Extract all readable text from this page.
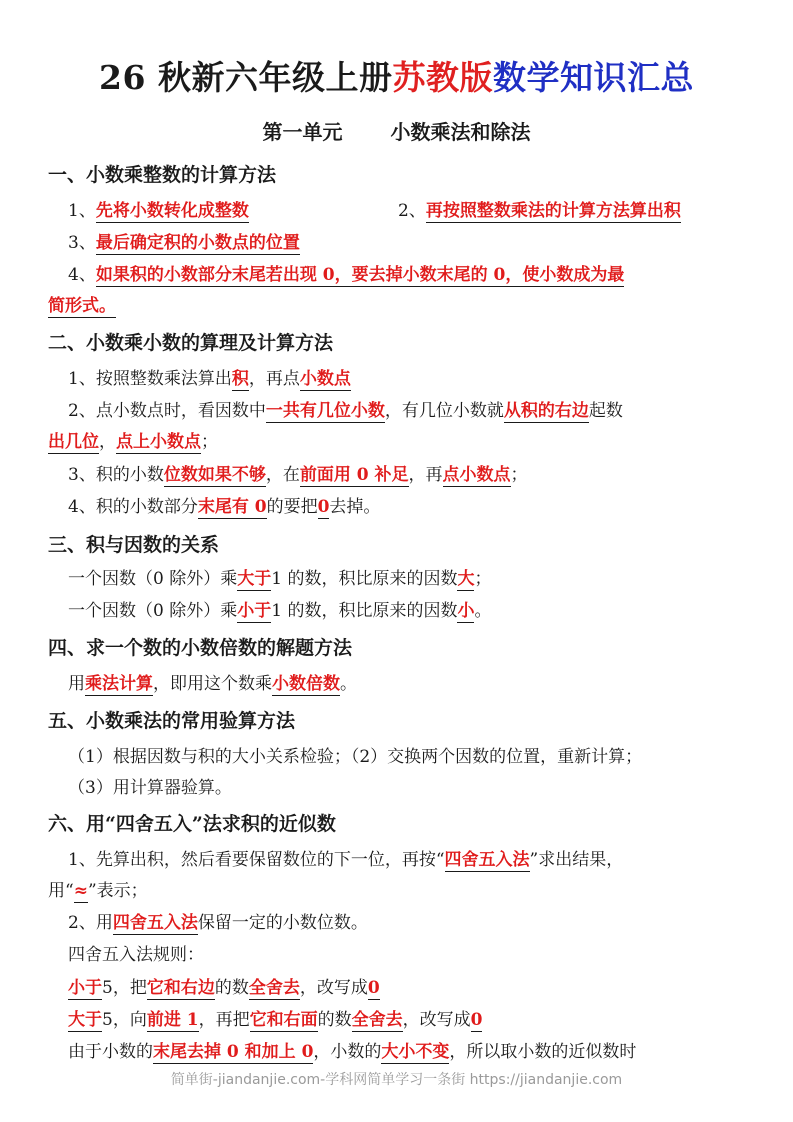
26 秋新六年级上册苏教版数学知识汇总
第一单元 小数乘法和除法
一、小数乘整数的计算方法
1、先将小数转化成整数	2、再按照整数乘法的计算方法算出积
3、最后确定积的小数点的位置
4、如果积的小数部分末尾若出现 0，要去掉小数末尾的 0，使小数成为最
简形式。
二、小数乘小数的算理及计算方法
1、按照整数乘法算出积，再点小数点
2、点小数点时，看因数中一共有几位小数，有几位小数就从积的右边起数
出几位，点上小数点；
3、积的小数位数如果不够，在前面用 0 补足，再点小数点；
4、积的小数部分末尾有 0的要把0去掉。
三、积与因数的关系
一个因数（0 除外）乘大于1 的数，积比原来的因数大；
一个因数（0 除外）乘小于1 的数，积比原来的因数小。
四、求一个数的小数倍数的解题方法
用乘法计算，即用这个数乘小数倍数。
五、小数乘法的常用验算方法
（1）根据因数与积的大小关系检验；（2）交换两个因数的位置，重新计算；
（3）用计算器验算。
六、用“四舍五入”法求积的近似数
1、先算出积，然后看要保留数位的下一位，再按“四舍五入法”求出结果，
用“≈”表示；
2、用四舍五入法保留一定的小数位数。
四舍五入法规则：
小于5，把它和右边的数全舍去，改写成0
大于5，向前进 1，再把它和右面的数全舍去，改写成0
由于小数的末尾去掉 0 和加上 0，小数的大小不变，所以取小数的近似数时
简单街-jiandanjie.com-学科网简单学习一条街 https://jiandanjie.com
